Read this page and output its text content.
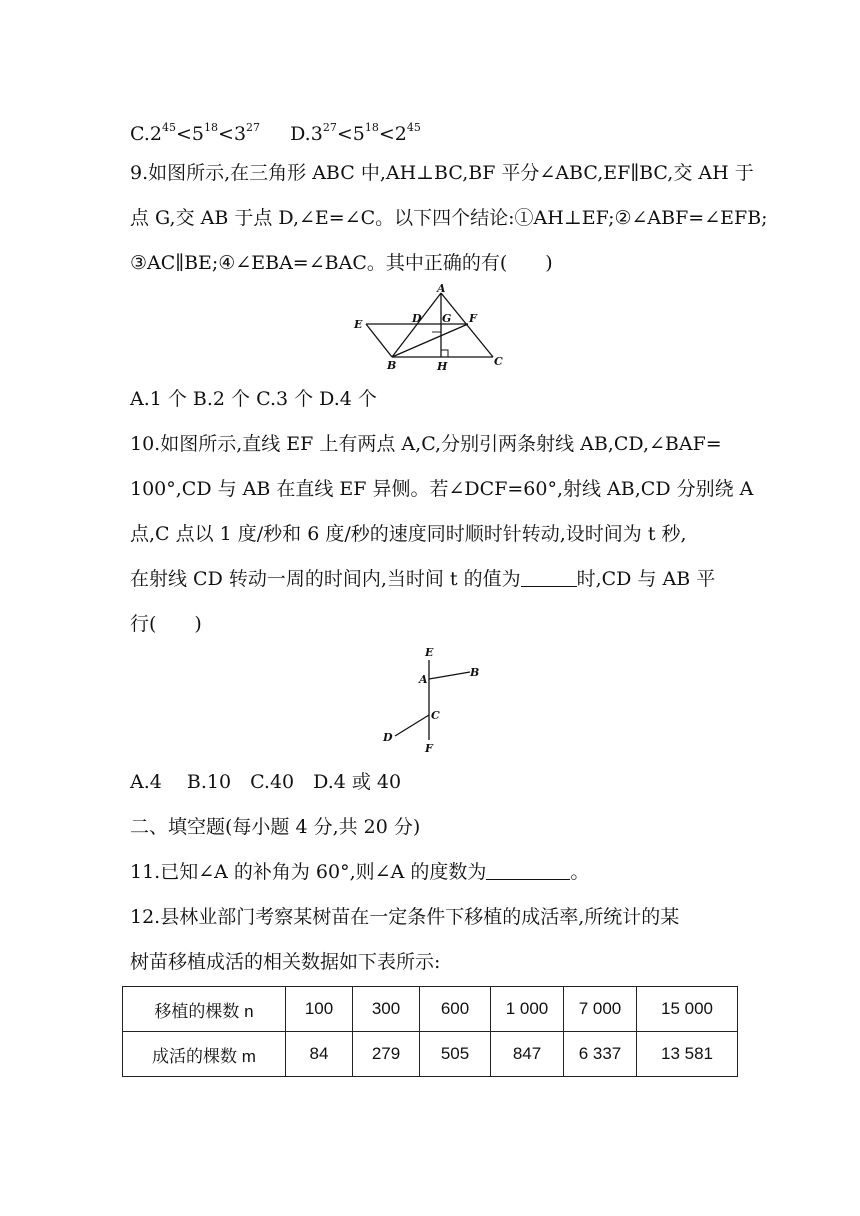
$C.2^{45}<5^{18}<3^{27}$ $D.3^{27}<5^{18}<2^{45}$
9.如图所示,在三角形 ABC 中,AH⊥BC,BF 平分∠ABC,EF∥BC,交 AH 于
点 G,交 AB 于点 D,∠E=∠C。以下四个结论:①AH⊥EF;②∠ABF=∠EFB;
③AC∥BE;④∠EBA=∠BAC。其中正确的有(　　)
A
E	D G F
B	H	C
A.1 个 B.2 个 C.3 个 D.4 个
10.如图所示,直线 EF 上有两点 A,C,分别引两条射线 AB,CD,∠BAF=
100°,CD 与 AB 在直线 EF 异侧。若∠DCF=60°,射线 AB,CD 分别绕 A
点,C 点以 1 度/秒和 6 度/秒的速度同时顺时针转动,设时间为 t 秒,
在射线 CD 转动一周的时间内,当时间 t 的值为	时,CD 与 AB 平
行(　　)
E
A
B
C
D
F
A.4　 B.10　C.40　D.4 或 40
二、填空题(每小题 4 分,共 20 分)
11.已知∠A 的补角为 60°,则∠A 的度数为	。
12.县林业部门考察某树苗在一定条件下移植的成活率,所统计的某
树苗移植成活的相关数据如下表所示:
移植的棵数 n	100	300	600	1 000	7 000	15 000
成活的棵数 m	84	279	505	847	6 337	13 581
